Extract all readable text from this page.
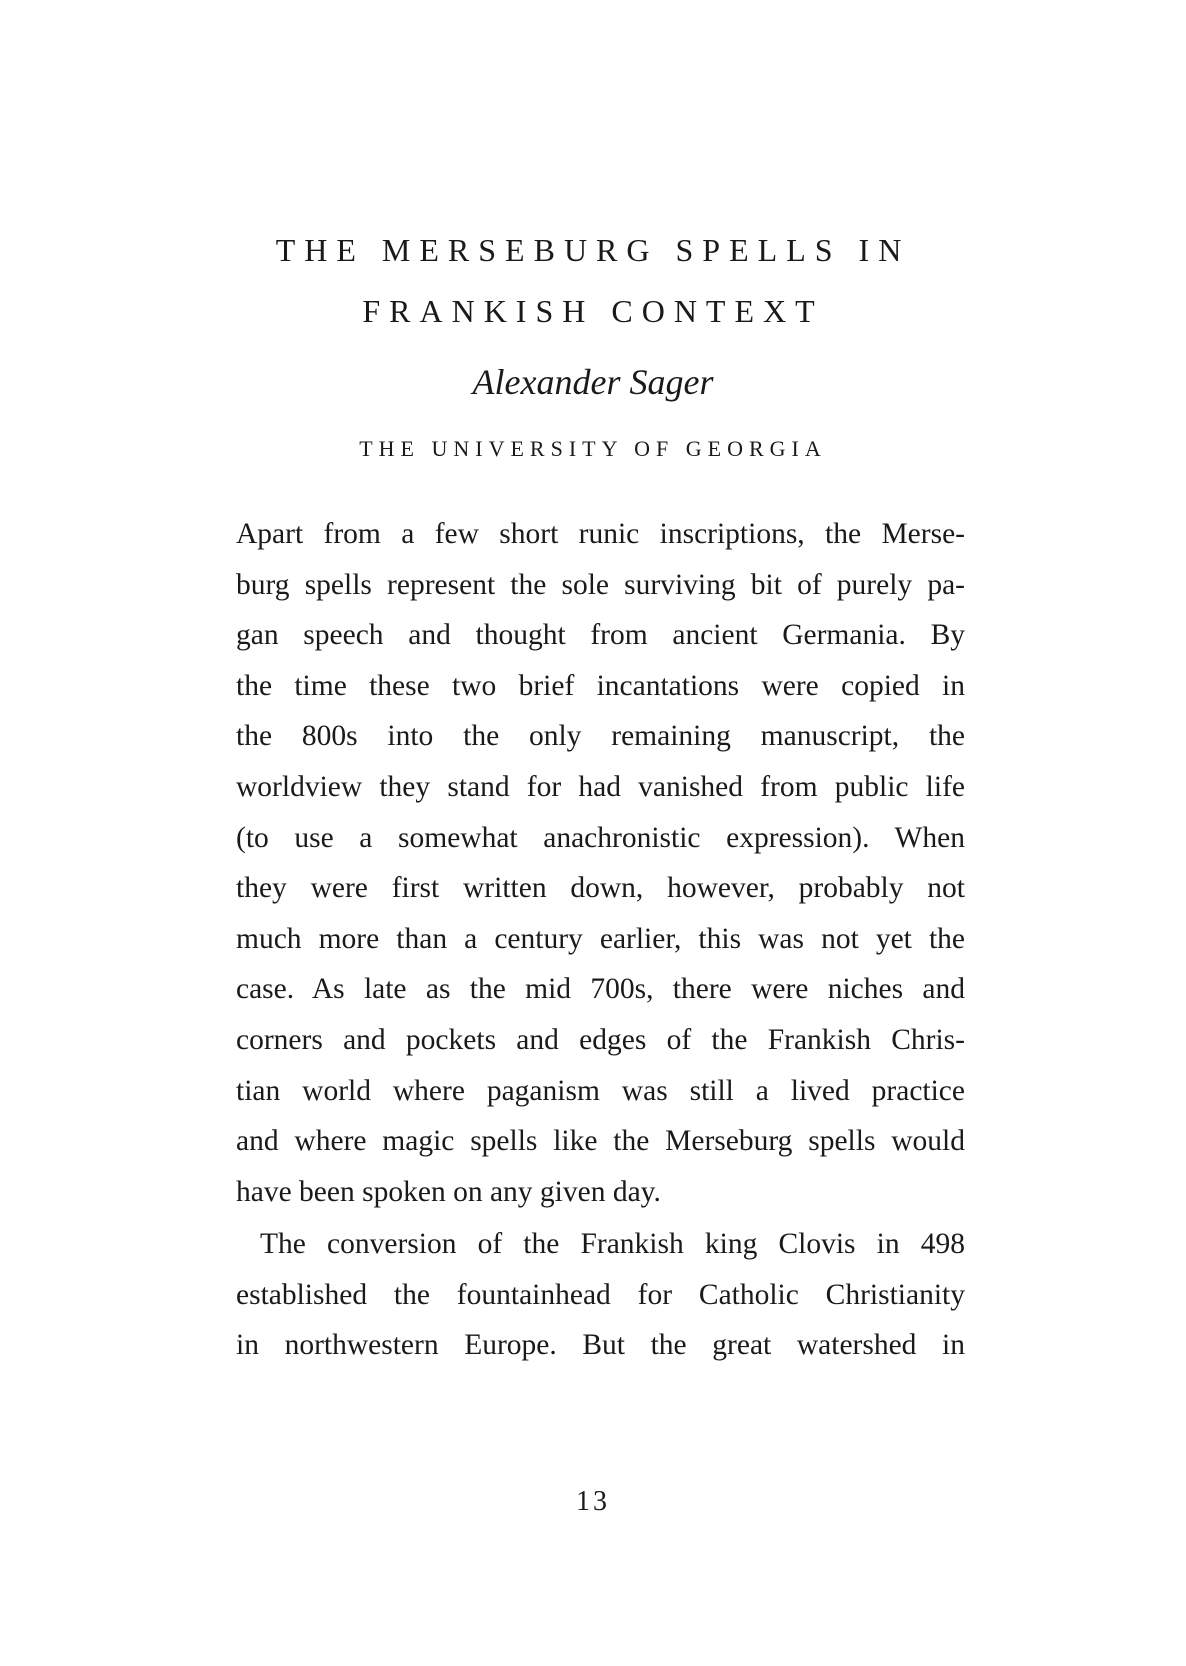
THE MERSEBURG SPELLS IN
FRANKISH CONTEXT
Alexander Sager
THE UNIVERSITY OF GEORGIA
Apart from a few short runic inscriptions, the Merse-
burg spells represent the sole surviving bit of purely pa-
gan speech and thought from ancient Germania. By
the time these two brief incantations were copied in
the 800s into the only remaining manuscript, the
worldview they stand for had vanished from public life
(to use a somewhat anachronistic expression). When
they were first written down, however, probably not
much more than a century earlier, this was not yet the
case. As late as the mid 700s, there were niches and
corners and pockets and edges of the Frankish Chris-
tian world where paganism was still a lived practice
and where magic spells like the Merseburg spells would
have been spoken on any given day.
The conversion of the Frankish king Clovis in 498
established the fountainhead for Catholic Christianity
in northwestern Europe. But the great watershed in
13
